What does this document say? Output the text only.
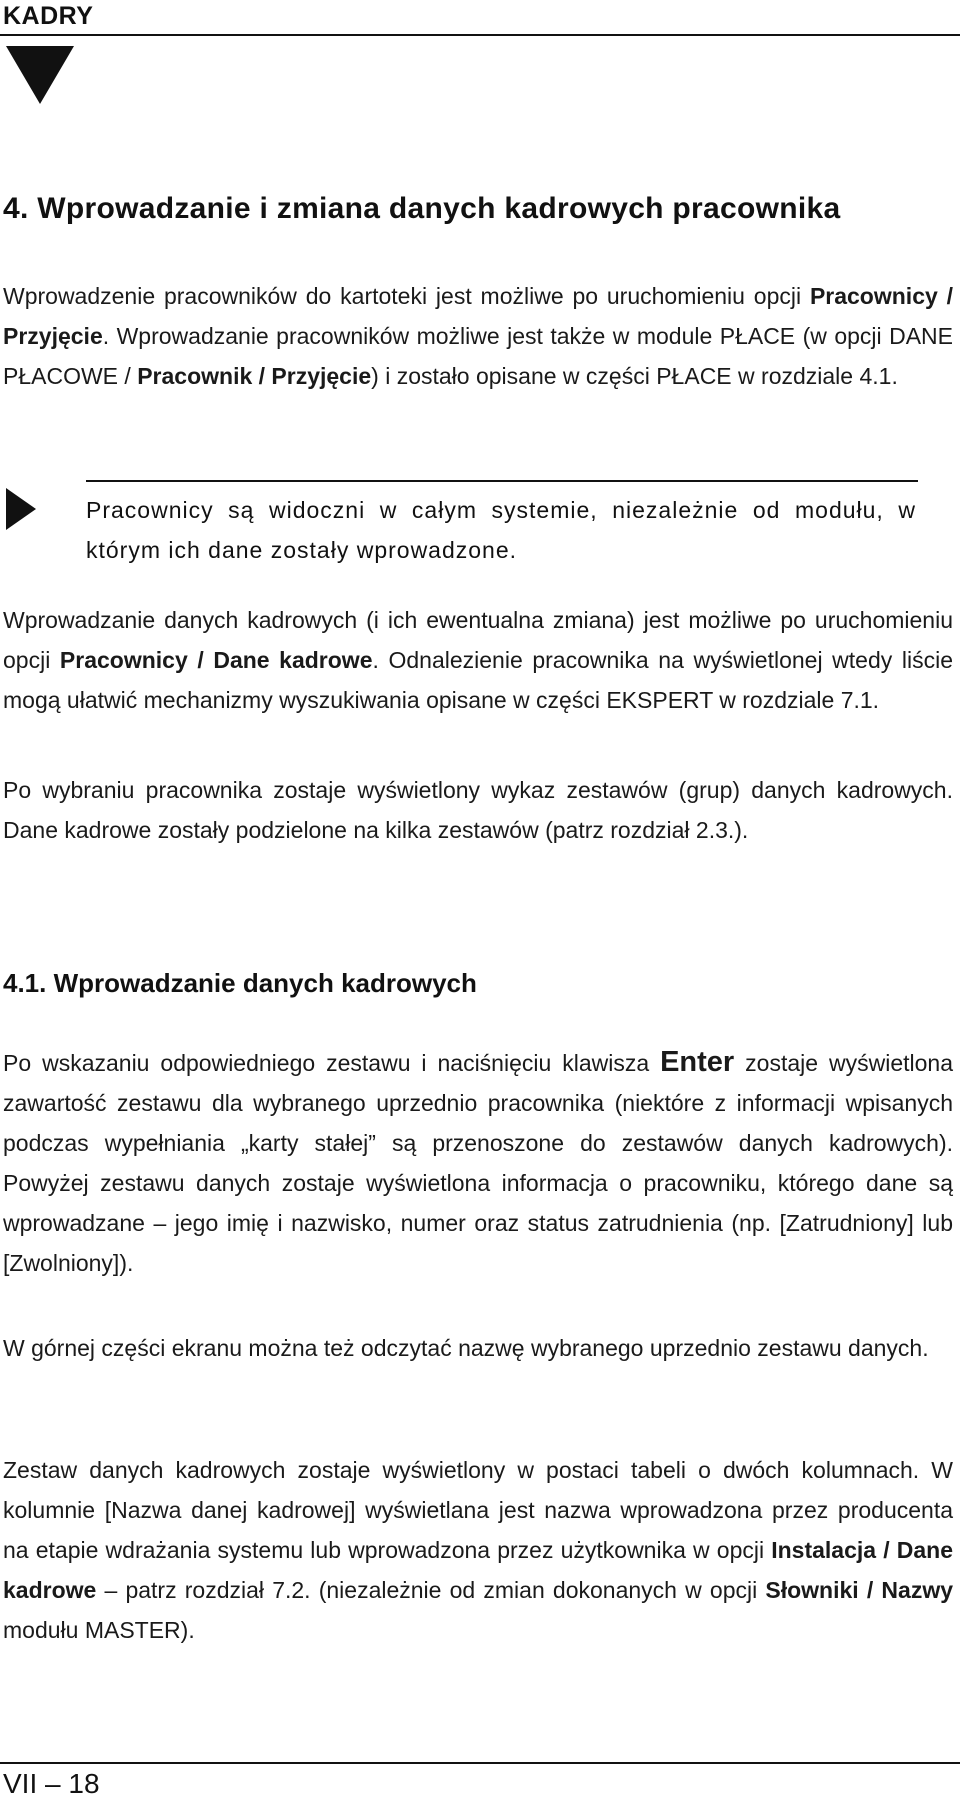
KADRY
4. Wprowadzanie i zmiana danych kadrowych pracownika

Wprowadzenie pracowników do kartoteki jest możliwe po uruchomieniu opcji Pracownicy / Przyjęcie. Wprowadzanie pracowników możliwe jest także w module PŁACE (w opcji DANE PŁACOWE / Pracownik / Przyjęcie) i zostało opisane w części PŁACE w rozdziale 4.1.

Pracownicy są widoczni w całym systemie, niezależnie od modułu, w którym ich dane zostały wprowadzone.

Wprowadzanie danych kadrowych (i ich ewentualna zmiana) jest możliwe po uruchomieniu opcji Pracownicy / Dane kadrowe. Odnalezienie pracownika na wyświetlonej wtedy liście mogą ułatwić mechanizmy wyszukiwania opisane w części EKSPERT w rozdziale 7.1.

Po wybraniu pracownika zostaje wyświetlony wykaz zestawów (grup) danych kadrowych. Dane kadrowe zostały podzielone na kilka zestawów (patrz rozdział 2.3.).

4.1. Wprowadzanie danych kadrowych

Po wskazaniu odpowiedniego zestawu i naciśnięciu klawisza Enter zostaje wyświetlona zawartość zestawu dla wybranego uprzednio pracownika (niektóre z informacji wpisanych podczas wypełniania „karty stałej” są przenoszone do zestawów danych kadrowych). Powyżej zestawu danych zostaje wyświetlona informacja o pracowniku, którego dane są wprowadzane – jego imię i nazwisko, numer oraz status zatrudnienia (np. [Zatrudniony] lub [Zwolniony]).

W górnej części ekranu można też odczytać nazwę wybranego uprzednio zestawu danych.

Zestaw danych kadrowych zostaje wyświetlony w postaci tabeli o dwóch kolumnach. W kolumnie [Nazwa danej kadrowej] wyświetlana jest nazwa wprowadzona przez producenta na etapie wdrażania systemu lub wprowadzona przez użytkownika w opcji Instalacja / Dane kadrowe – patrz rozdział 7.2. (niezależnie od zmian dokonanych w opcji Słowniki / Nazwy modułu MASTER).

VII – 18
